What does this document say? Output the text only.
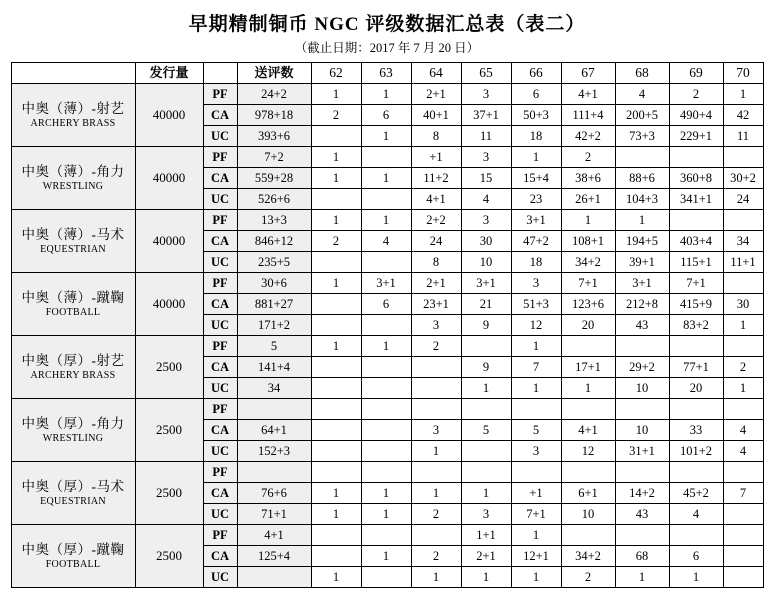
早期精制铜币 NGC 评级数据汇总表（表二）
（截止日期：2017 年 7 月 20 日）
	发行量		送评数	62	63	64	65	66	67	68	69	70

中奥（薄）-射艺
ARCHERY BRASS	40000	PF	24+2	1	1	2+1	3	6	4+1	4	2	1
		CA	978+18	2	6	40+1	37+1	50+3	111+4	200+5	490+4	42
		UC	393+6		1	8	11	18	42+2	73+3	229+1	11

中奥（薄）-角力
WRESTLING	40000	PF	7+2	1		+1	3	1	2			
		CA	559+28	1	1	11+2	15	15+4	38+6	88+6	360+8	30+2
		UC	526+6			4+1	4	23	26+1	104+3	341+1	24

中奥（薄）-马术
EQUESTRIAN	40000	PF	13+3	1	1	2+2	3	3+1	1	1		
		CA	846+12	2	4	24	30	47+2	108+1	194+5	403+4	34
		UC	235+5			8	10	18	34+2	39+1	115+1	11+1

中奥（薄）-蹴鞠
FOOTBALL	40000	PF	30+6	1	3+1	2+1	3+1	3	7+1	3+1	7+1	
		CA	881+27		6	23+1	21	51+3	123+6	212+8	415+9	30
		UC	171+2			3	9	12	20	43	83+2	1

中奥（厚）-射艺
ARCHERY BRASS	2500	PF	5	1	1	2		1				
		CA	141+4				9	7	17+1	29+2	77+1	2
		UC	34				1	1	1	10	20	1

中奥（厚）-角力
WRESTLING	2500	PF										
		CA	64+1			3	5	5	4+1	10	33	4
		UC	152+3			1		3	12	31+1	101+2	4

中奥（厚）-马术
EQUESTRIAN	2500	PF										
		CA	76+6	1	1	1	1	+1	6+1	14+2	45+2	7
		UC	71+1	1	1	2	3	7+1	10	43	4	

中奥（厚）-蹴鞠
FOOTBALL	2500	PF	4+1				1+1	1				
		CA	125+4		1	2	2+1	12+1	34+2	68	6	
		UC		1		1	1	1	2	1	1	
